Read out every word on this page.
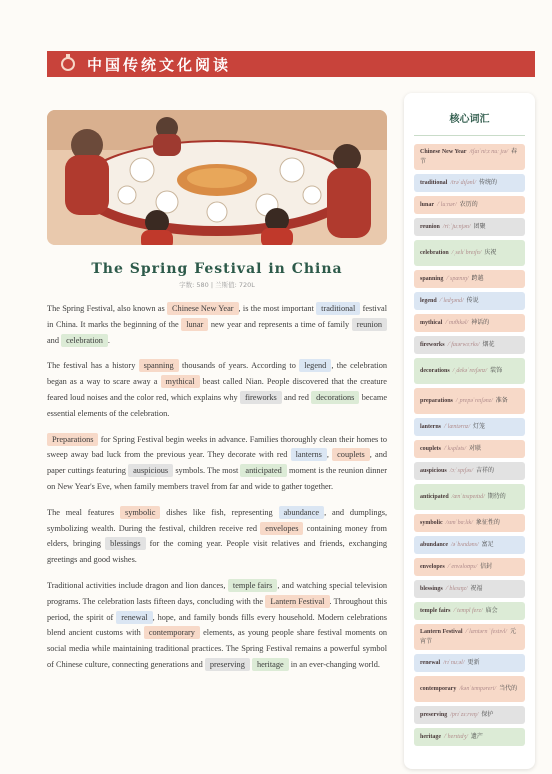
中国传统文化阅读
The Spring Festival in China
字数: 580 | 兰斯值: 720L

The Spring Festival, also known as Chinese New Year , is the most important traditional festival in China. It marks the beginning of the lunar new year and represents a time of family reunion and celebration .

The festival has a history spanning thousands of years. According to legend , the celebration began as a way to scare away a mythical beast called Nian. People discovered that the creature feared loud noises and the color red, which explains why fireworks and red decorations became essential elements of the celebration.

Preparations for Spring Festival begin weeks in advance. Families thoroughly clean their homes to sweep away bad luck from the previous year. They decorate with red lanterns , couplets , and paper cuttings featuring auspicious symbols. The most anticipated moment is the reunion dinner on New Year's Eve, when family members travel from far and wide to gather together.

The meal features symbolic dishes like fish, representing abundance , and dumplings, symbolizing wealth. During the festival, children receive red envelopes containing money from elders, bringing blessings for the coming year. People visit relatives and friends, exchanging greetings and good wishes.

Traditional activities include dragon and lion dances, temple fairs , and watching special television programs. The celebration lasts fifteen days, concluding with the Lantern Festival . Throughout this period, the spirit of renewal , hope, and family bonds fills every household. Modern celebrations blend ancient customs with contemporary elements, as young people share festival moments on social media while maintaining traditional practices. The Spring Festival remains a powerful symbol of Chinese culture, connecting generations and preserving heritage in an ever-changing world.

核心词汇
Chinese New Year /tʃaɪˈniːz nuː jɪə/ 春节
traditional /trəˈdɪʃənl/ 传统的
lunar /ˈluːnər/ 农历的
reunion /riːˈjuːnjən/ 团聚
celebration /ˌselɪˈbreɪʃn/ 庆祝
spanning /ˈspænɪŋ/ 跨越
legend /ˈledʒənd/ 传说
mythical /ˈmɪθɪkəl/ 神话的
fireworks /ˈfaɪərwɜːrks/ 烟花
decorations /ˌdekəˈreɪʃənz/ 装饰
preparations /ˌprepəˈreɪʃənz/ 准备
lanterns /ˈlæntərnz/ 灯笼
couplets /ˈkʌpləts/ 对联
auspicious /ɔːˈspɪʃəs/ 吉祥的
anticipated /ænˈtɪsɪpeɪtɪd/ 期待的
symbolic /sɪmˈbɑːlɪk/ 象征性的
abundance /əˈbʌndəns/ 富足
envelopes /ˈenvəloʊps/ 信封
blessings /ˈblesɪŋz/ 祝福
temple fairs /ˈtempl ferz/ 庙会
Lantern Festival /ˈlæntərn ˈfestɪvl/ 元宵节
renewal /rɪˈnuːəl/ 更新
contemporary /kənˈtempəreri/ 当代的
preserving /prɪˈzɜːrvɪŋ/ 保护
heritage /ˈherɪtɪdʒ/ 遗产
